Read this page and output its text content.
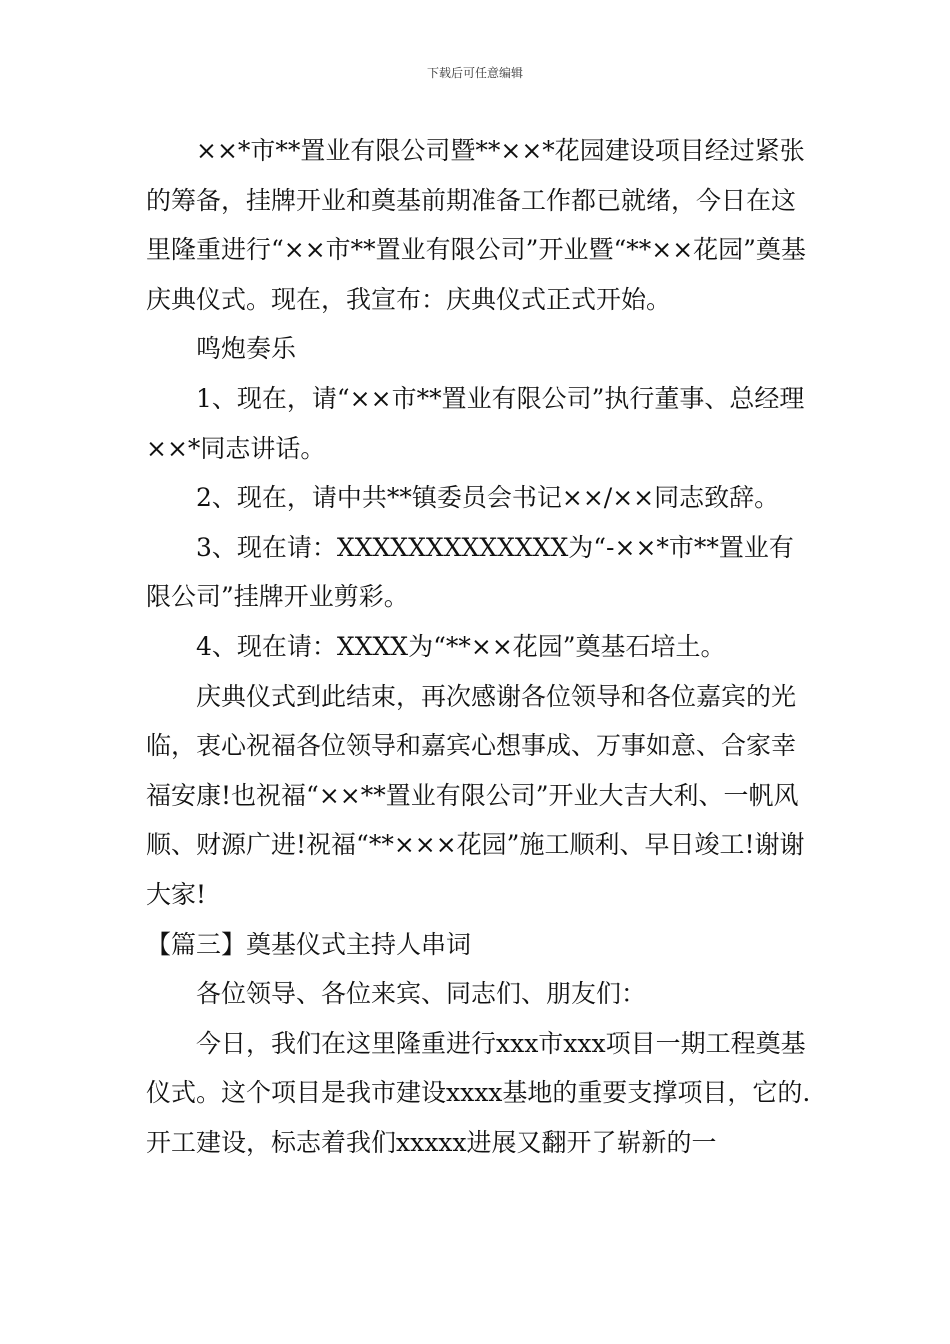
下载后可任意编辑

××*市**置业有限公司暨**××*花园建设项目经过紧张的筹备，挂牌开业和奠基前期准备工作都已就绪，今日在这里隆重进行“××市**置业有限公司”开业暨“**××花园”奠基庆典仪式。现在，我宣布：庆典仪式正式开始。

鸣炮奏乐

1、现在，请“××市**置业有限公司”执行董事、总经理××*同志讲话。

2、现在，请中共**镇委员会书记××/××同志致辞。

3、现在请：XXXXXXXXXXXXX为“-××*市**置业有限公司”挂牌开业剪彩。

4、现在请：XXXX为“**××花园”奠基石培土。

庆典仪式到此结束，再次感谢各位领导和各位嘉宾的光临，衷心祝福各位领导和嘉宾心想事成、万事如意、合家幸福安康!也祝福“××**置业有限公司”开业大吉大利、一帆风顺、财源广进!祝福“**×××花园”施工顺利、早日竣工!谢谢大家!

【篇三】奠基仪式主持人串词

各位领导、各位来宾、同志们、朋友们：

今日，我们在这里隆重进行xxx市xxx项目一期工程奠基仪式。这个项目是我市建设xxxx基地的重要支撑项目，它的.开工建设，标志着我们xxxxx进展又翻开了崭新的一
